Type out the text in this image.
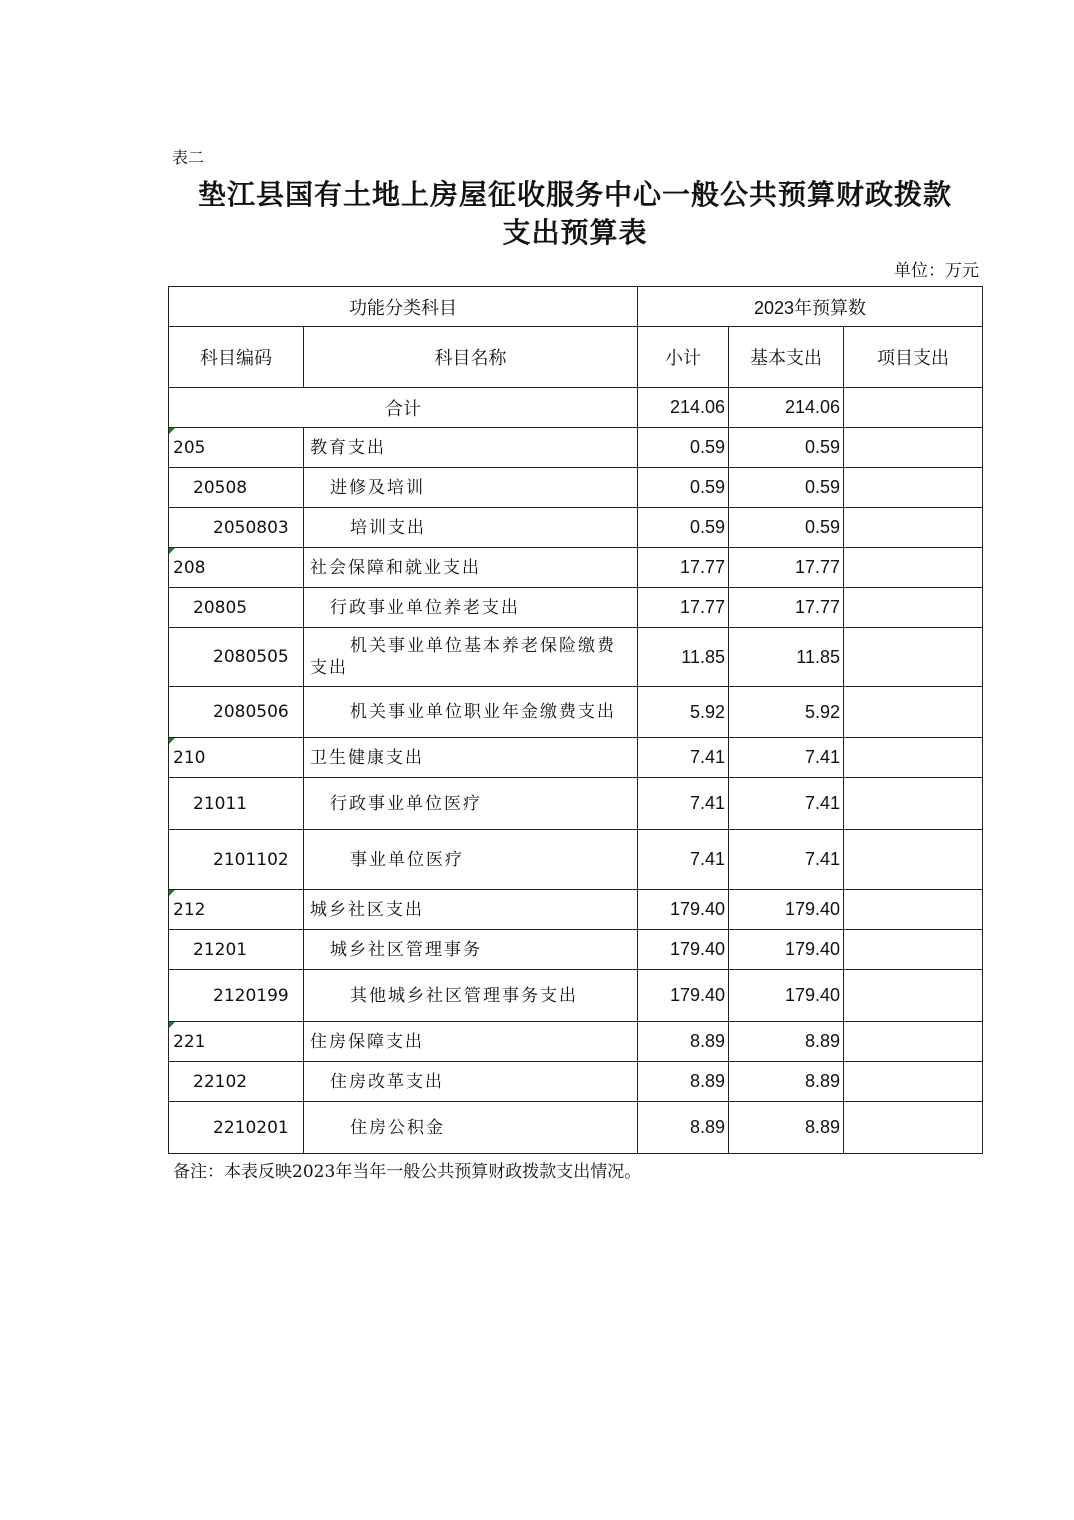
表二
垫江县国有土地上房屋征收服务中心一般公共预算财政拨款
支出预算表
单位：万元
功能分类科目		2023年预算数		
科目编码	科目名称	小计	基本支出	项目支出
合计		214.06	214.06	

205	教育支出	0.59	0.59	
20508	进修及培训	0.59	0.59	
2050803	培训支出	0.59	0.59	

208	社会保障和就业支出	17.77	17.77	
20805	行政事业单位养老支出	17.77	17.77	
2080505	机关事业单位基本养老保险缴费支出	11.85	11.85	
2080506	机关事业单位职业年金缴费支出	5.92	5.92	

210	卫生健康支出	7.41	7.41	
21011	行政事业单位医疗	7.41	7.41	
2101102	事业单位医疗	7.41	7.41	

212	城乡社区支出	179.40	179.40	
21201	城乡社区管理事务	179.40	179.40	
2120199	其他城乡社区管理事务支出	179.40	179.40	

221	住房保障支出	8.89	8.89	
22102	住房改革支出	8.89	8.89	
2210201	住房公积金	8.89	8.89	
备注：本表反映2023年当年一般公共预算财政拨款支出情况。
